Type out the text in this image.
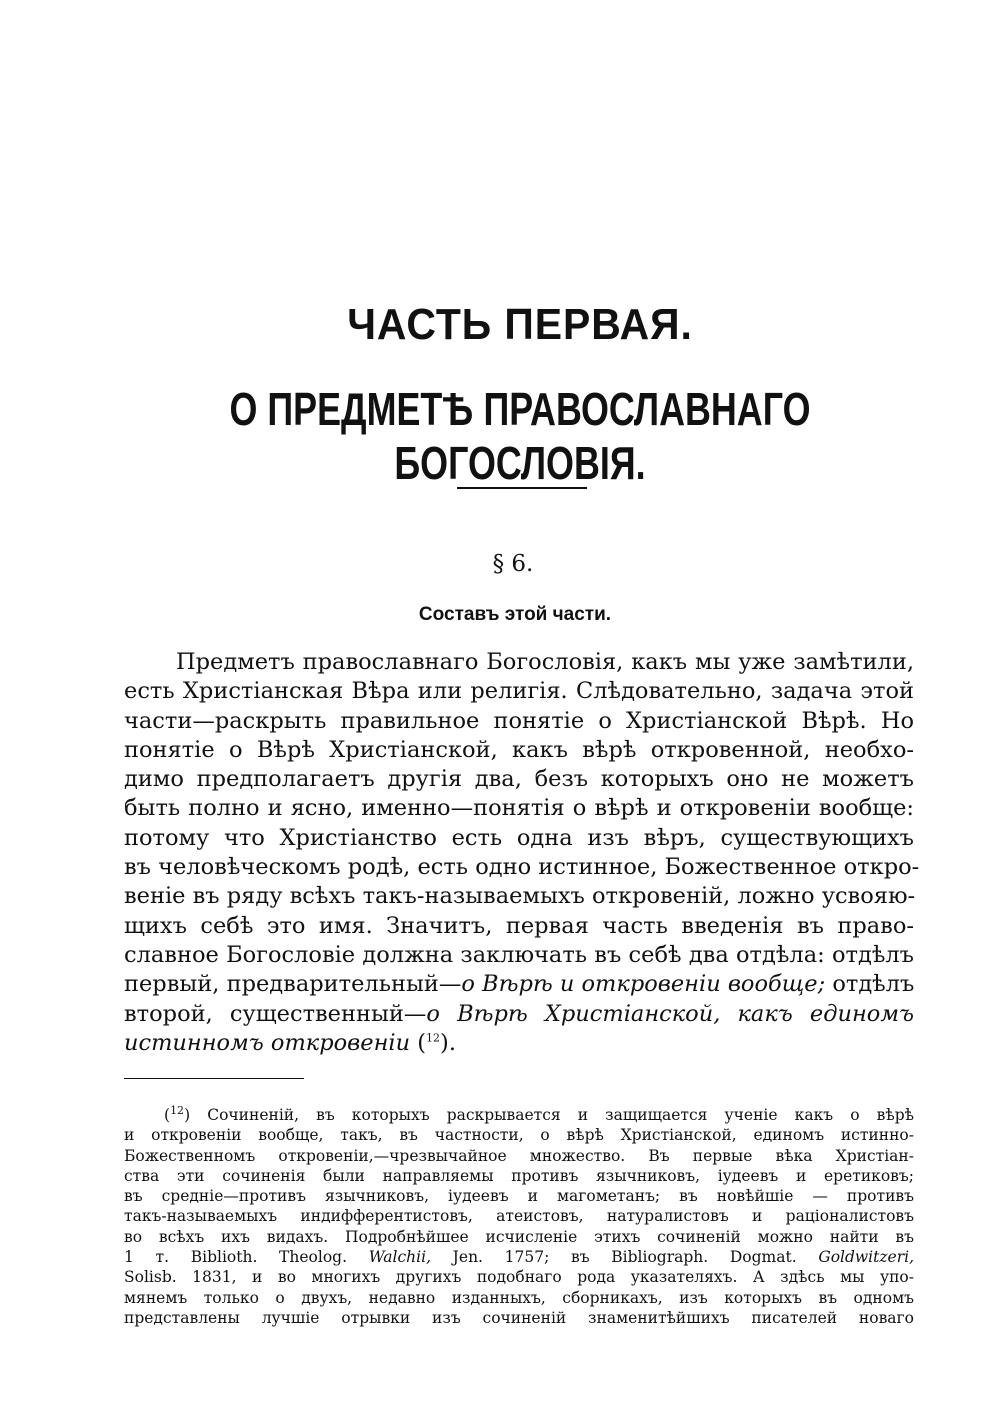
ЧАСТЬ ПЕРВАЯ.
О ПРЕДМЕТѢ ПРАВОСЛАВНАГО БОГОСЛОВІЯ.

§ 6.

Составъ этой части.

Предметъ православнаго Богословія, какъ мы уже замѣтили,

есть Христіанская Вѣра или религія. Слѣдовательно, задача этой

части—раскрыть правильное понятіе о Христіанской Вѣрѣ. Но

понятіе о Вѣрѣ Христіанской, какъ вѣрѣ откровенной, необхо-

димо предполагаетъ другія два, безъ которыхъ оно не можетъ

быть полно и ясно, именно—понятія о вѣрѣ и откровеніи вообще:

потому что Христіанство есть одна изъ вѣръ, существующихъ

въ человѣческомъ родѣ, есть одно истинное, Божественное откро-

веніе въ ряду всѣхъ такъ-называемыхъ откровеній, ложно усвояю-

щихъ себѣ это имя. Значитъ, первая часть введенія въ право-

славное Богословіе должна заключать въ себѣ два отдѣла: отдѣлъ

первый, предварительный—о Вѣрѣ и откровеніи вообще; отдѣлъ

второй, существенный—о Вѣрѣ Христіанской, какъ единомъ

истинномъ откровеніи ($^{12}$).

($^{12}$) Сочиненій, въ которыхъ раскрывается и защищается ученіе какъ о вѣрѣ

и откровеніи вообще, такъ, въ частности, о вѣрѣ Христіанской, единомъ истинно-

Божественномъ откровеніи,—чрезвычайное множество. Въ первые вѣка Христіан-

ства эти сочиненія были направляемы противъ язычниковъ, іудеевъ и еретиковъ;

въ средніе—противъ язычниковъ, іудеевъ и магометанъ; въ новѣйшіе — противъ

такъ-называемыхъ индифферентистовъ, атеистовъ, натуралистовъ и раціоналистовъ

во всѣхъ ихъ видахъ. Подробнѣйшее исчисленіе этихъ сочиненій можно найти въ

1 т. Biblioth. Theolog. Walchii, Jen. 1757; въ Bibliograph. Dogmat. Goldwitzeri,

Solisb. 1831, и во многихъ другихъ подобнаго рода указателяхъ. А здѣсь мы упо-

мянемъ только о двухъ, недавно изданныхъ, сборникахъ, изъ которыхъ въ одномъ

представлены лучшіе отрывки изъ сочиненій знаменитѣйшихъ писателей новаго
